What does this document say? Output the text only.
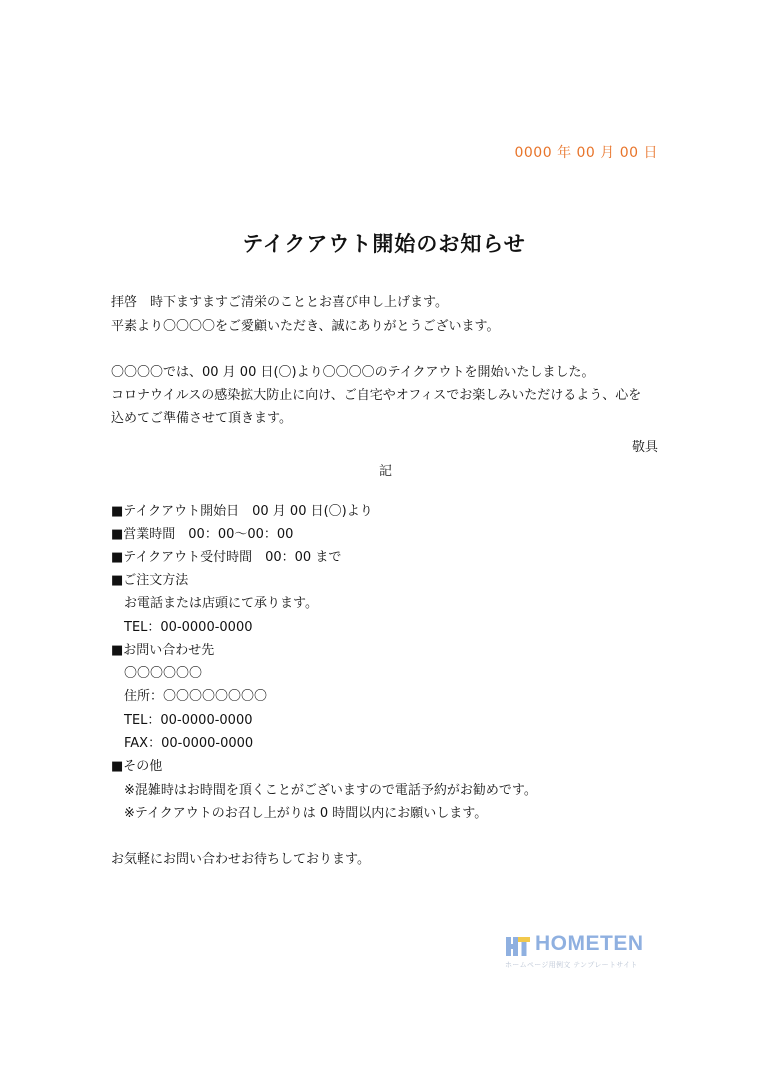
0000 年 00 月 00 日
テイクアウト開始のお知らせ
拝啓　時下ますますご清栄のこととお喜び申し上げます。
平素より〇〇〇〇をご愛顧いただき、誠にありがとうございます。
〇〇〇〇では、00 月 00 日(〇)より〇〇〇〇のテイクアウトを開始いたしました。
コロナウイルスの感染拡大防止に向け、ご自宅やオフィスでお楽しみいただけるよう、心を
込めてご準備させて頂きます。
敬具
記
■テイクアウト開始日　00 月 00 日(〇)より
■営業時間　00：00〜00：00
■テイクアウト受付時間　00：00 まで
■ご注文方法
お電話または店頭にて承ります。
TEL：00-0000-0000
■お問い合わせ先
〇〇〇〇〇〇
住所：〇〇〇〇〇〇〇〇
TEL：00-0000-0000
FAX：00-0000-0000
■その他
※混雑時はお時間を頂くことがございますので電話予約がお勧めです。
※テイクアウトのお召し上がりは 0 時間以内にお願いします。
お気軽にお問い合わせお待ちしております。
HOMETEN
ホームページ用例文 テンプレートサイト
